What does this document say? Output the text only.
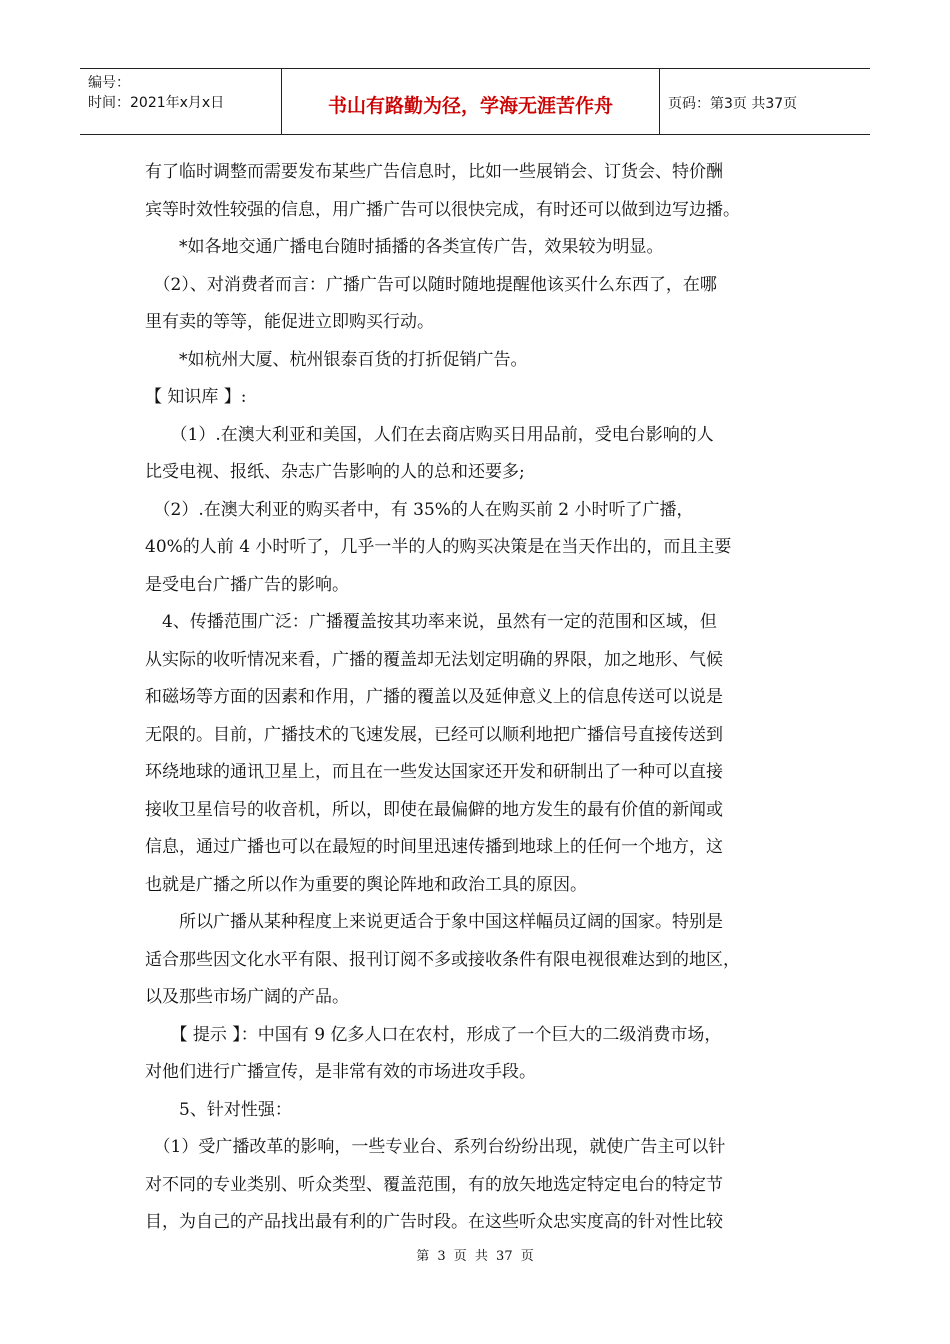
编号：
时间：2021年x月x日	书山有路勤为径，学海无涯苦作舟	页码：第3页 共37页
有了临时调整而需要发布某些广告信息时，比如一些展销会、订货会、特价酬
宾等时效性较强的信息，用广播广告可以很快完成，有时还可以做到边写边播。
　　*如各地交通广播电台随时插播的各类宣传广告，效果较为明显。
　（2）、对消费者而言：广播广告可以随时随地提醒他该买什么东西了，在哪
里有卖的等等，能促进立即购买行动。
　　*如杭州大厦、杭州银泰百货的打折促销广告。
【 知识库 】:
　　（1）.在澳大利亚和美国，人们在去商店购买日用品前，受电台影响的人
比受电视、报纸、杂志广告影响的人的总和还要多;
　（2）.在澳大利亚的购买者中，有 35%的人在购买前 2 小时听了广播，
40%的人前 4 小时听了，几乎一半的人的购买决策是在当天作出的，而且主要
是受电台广播广告的影响。
　4、传播范围广泛：广播覆盖按其功率来说，虽然有一定的范围和区域，但
从实际的收听情况来看，广播的覆盖却无法划定明确的界限，加之地形、气候
和磁场等方面的因素和作用，广播的覆盖以及延伸意义上的信息传送可以说是
无限的。目前，广播技术的飞速发展，已经可以顺利地把广播信号直接传送到
环绕地球的通讯卫星上，而且在一些发达国家还开发和研制出了一种可以直接
接收卫星信号的收音机，所以，即使在最偏僻的地方发生的最有价值的新闻或
信息，通过广播也可以在最短的时间里迅速传播到地球上的任何一个地方，这
也就是广播之所以作为重要的舆论阵地和政治工具的原因。
　　所以广播从某种程度上来说更适合于象中国这样幅员辽阔的国家。特别是
适合那些因文化水平有限、报刊订阅不多或接收条件有限电视很难达到的地区，
以及那些市场广阔的产品。
　　【 提示 】：中国有 9 亿多人口在农村，形成了一个巨大的二级消费市场，
对他们进行广播宣传，是非常有效的市场进攻手段。
　　5、针对性强：
　（1）受广播改革的影响，一些专业台、系列台纷纷出现，就使广告主可以针
对不同的专业类别、听众类型、覆盖范围，有的放矢地选定特定电台的特定节
目，为自己的产品找出最有利的广告时段。在这些听众忠实度高的针对性比较
第 3 页 共 37 页
